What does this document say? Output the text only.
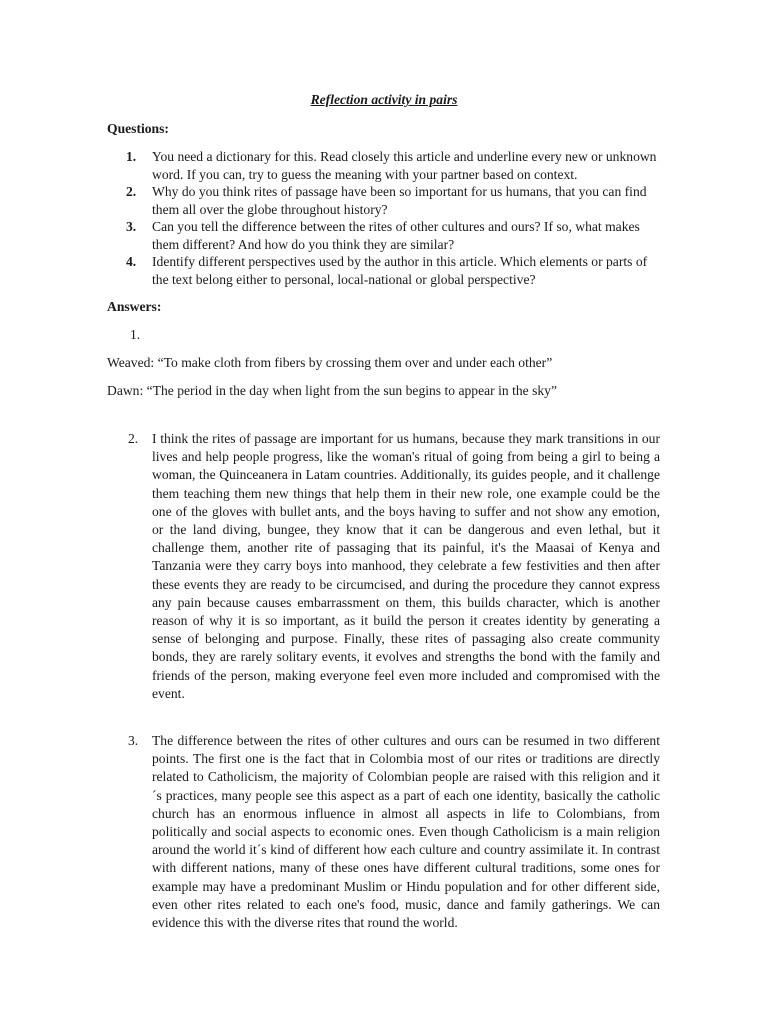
Reflection activity in pairs
Questions:
1. You need a dictionary for this. Read closely this article and underline every new or unknown word. If you can, try to guess the meaning with your partner based on context.
2. Why do you think rites of passage have been so important for us humans, that you can find them all over the globe throughout history?
3. Can you tell the difference between the rites of other cultures and ours? If so, what makes them different? And how do you think they are similar?
4. Identify different perspectives used by the author in this article. Which elements or parts of the text belong either to personal, local-national or global perspective?
Answers:
1.
Weaved: “To make cloth from fibers by crossing them over and under each other”
Dawn: “The period in the day when light from the sun begins to appear in the sky”
2. I think the rites of passage are important for us humans, because they mark transitions in our lives and help people progress, like the woman's ritual of going from being a girl to being a woman, the Quinceanera in Latam countries. Additionally, its guides people, and it challenge them teaching them new things that help them in their new role, one example could be the one of the gloves with bullet ants, and the boys having to suffer and not show any emotion, or the land diving, bungee, they know that it can be dangerous and even lethal, but it challenge them, another rite of passaging that its painful, it's the Maasai of Kenya and Tanzania were they carry boys into manhood, they celebrate a few festivities and then after these events they are ready to be circumcised, and during the procedure they cannot express any pain because causes embarrassment on them, this builds character, which is another reason of why it is so important, as it build the person it creates identity by generating a sense of belonging and purpose. Finally, these rites of passaging also create community bonds, they are rarely solitary events, it evolves and strengths the bond with the family and friends of the person, making everyone feel even more included and compromised with the event.
3. The difference between the rites of other cultures and ours can be resumed in two different points. The first one is the fact that in Colombia most of our rites or traditions are directly related to Catholicism, the majority of Colombian people are raised with this religion and it ´s practices, many people see this aspect as a part of each one identity, basically the catholic church has an enormous influence in almost all aspects in life to Colombians, from politically and social aspects to economic ones. Even though Catholicism is a main religion around the world it´s kind of different how each culture and country assimilate it. In contrast with different nations, many of these ones have different cultural traditions, some ones for example may have a predominant Muslim or Hindu population and for other different side, even other rites related to each one's food, music, dance and family gatherings. We can evidence this with the diverse rites that round the world.
